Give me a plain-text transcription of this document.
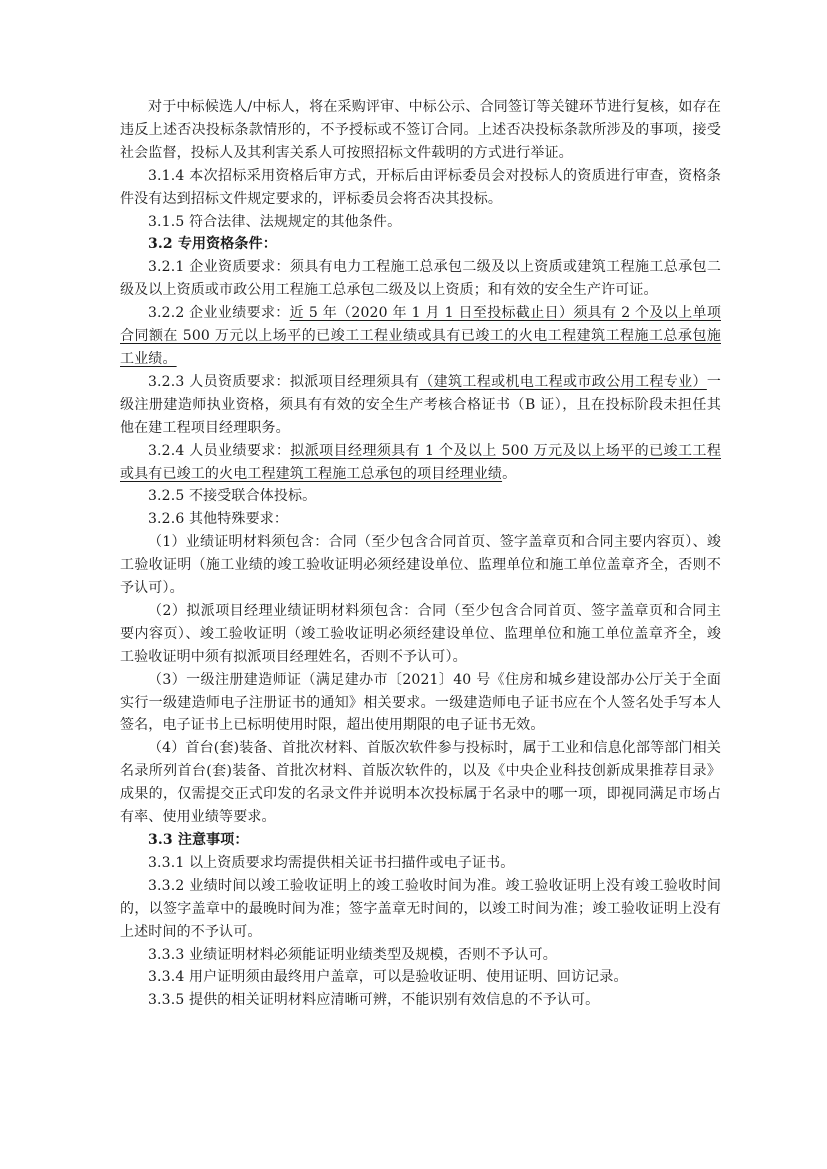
对于中标候选人/中标人，将在采购评审、中标公示、合同签订等关键环节进行复核，如存在违反上述否决投标条款情形的，不予授标或不签订合同。上述否决投标条款所涉及的事项，接受社会监督，投标人及其利害关系人可按照招标文件载明的方式进行举证。

3.1.4 本次招标采用资格后审方式，开标后由评标委员会对投标人的资质进行审查，资格条件没有达到招标文件规定要求的，评标委员会将否决其投标。

3.1.5 符合法律、法规规定的其他条件。

3.2 专用资格条件：

3.2.1 企业资质要求：须具有电力工程施工总承包二级及以上资质或建筑工程施工总承包二级及以上资质或市政公用工程施工总承包二级及以上资质；和有效的安全生产许可证。

3.2.2 企业业绩要求：近 5 年（2020 年 1 月 1 日至投标截止日）须具有 2 个及以上单项合同额在 500 万元以上场平的已竣工工程业绩或具有已竣工的火电工程建筑工程施工总承包施工业绩。

3.2.3 人员资质要求：拟派项目经理须具有（建筑工程或机电工程或市政公用工程专业）一级注册建造师执业资格，须具有有效的安全生产考核合格证书（B 证），且在投标阶段未担任其他在建工程项目经理职务。

3.2.4 人员业绩要求：拟派项目经理须具有 1 个及以上 500 万元及以上场平的已竣工工程或具有已竣工的火电工程建筑工程施工总承包的项目经理业绩。

3.2.5 不接受联合体投标。

3.2.6 其他特殊要求：

（1）业绩证明材料须包含：合同（至少包含合同首页、签字盖章页和合同主要内容页）、竣工验收证明（施工业绩的竣工验收证明必须经建设单位、监理单位和施工单位盖章齐全，否则不予认可）。

（2）拟派项目经理业绩证明材料须包含：合同（至少包含合同首页、签字盖章页和合同主要内容页）、竣工验收证明（竣工验收证明必须经建设单位、监理单位和施工单位盖章齐全，竣工验收证明中须有拟派项目经理姓名，否则不予认可）。

（3）一级注册建造师证（满足建办市〔2021〕40 号《住房和城乡建设部办公厅关于全面实行一级建造师电子注册证书的通知》相关要求。一级建造师电子证书应在个人签名处手写本人签名，电子证书上已标明使用时限，超出使用期限的电子证书无效。

（4）首台(套)装备、首批次材料、首版次软件参与投标时，属于工业和信息化部等部门相关名录所列首台(套)装备、首批次材料、首版次软件的，以及《中央企业科技创新成果推荐目录》成果的，仅需提交正式印发的名录文件并说明本次投标属于名录中的哪一项，即视同满足市场占有率、使用业绩等要求。

3.3 注意事项：

3.3.1 以上资质要求均需提供相关证书扫描件或电子证书。

3.3.2 业绩时间以竣工验收证明上的竣工验收时间为准。竣工验收证明上没有竣工验收时间的，以签字盖章中的最晚时间为准；签字盖章无时间的，以竣工时间为准；竣工验收证明上没有上述时间的不予认可。

3.3.3 业绩证明材料必须能证明业绩类型及规模，否则不予认可。

3.3.4 用户证明须由最终用户盖章，可以是验收证明、使用证明、回访记录。

3.3.5 提供的相关证明材料应清晰可辨，不能识别有效信息的不予认可。
